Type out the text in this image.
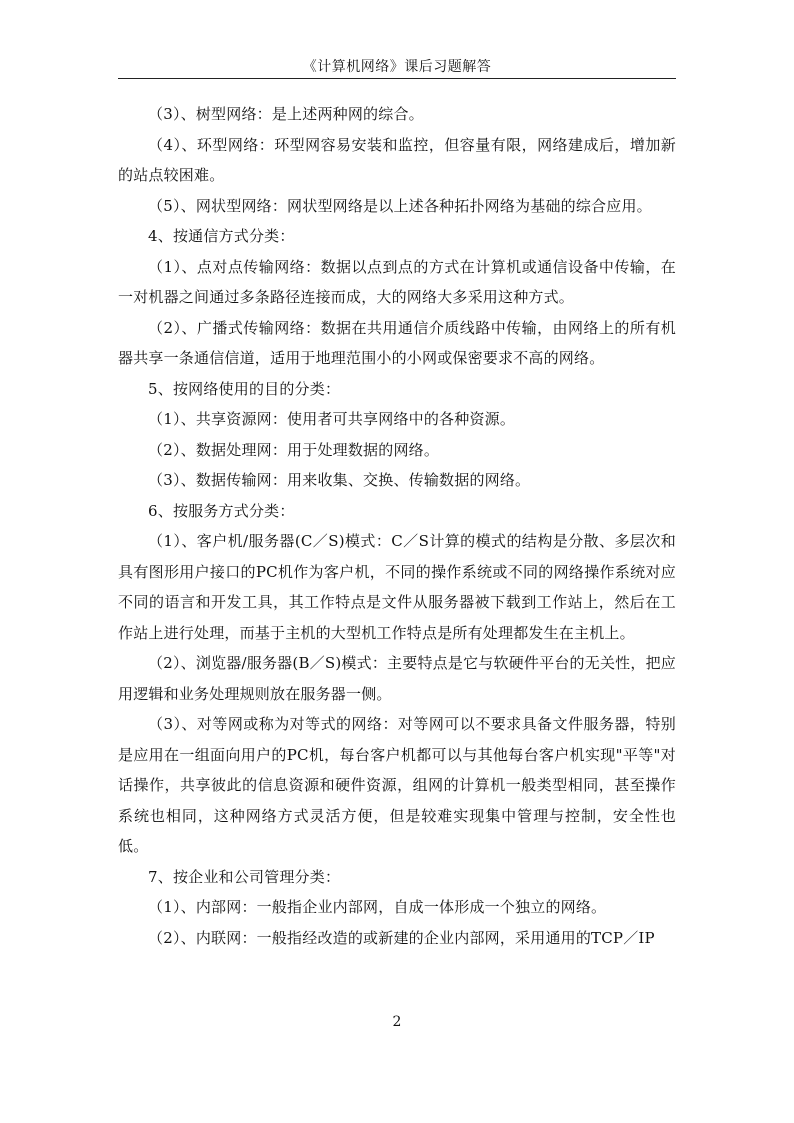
《计算机网络》课后习题解答

（3）、树型网络：是上述两种网的综合。

（4）、环型网络：环型网容易安装和监控，但容量有限，网络建成后，增加新的站点较困难。

（5）、网状型网络：网状型网络是以上述各种拓扑网络为基础的综合应用。

4、按通信方式分类：

（1）、点对点传输网络：数据以点到点的方式在计算机或通信设备中传输，在一对机器之间通过多条路径连接而成，大的网络大多采用这种方式。

（2）、广播式传输网络：数据在共用通信介质线路中传输，由网络上的所有机器共享一条通信信道，适用于地理范围小的小网或保密要求不高的网络。

5、按网络使用的目的分类：

（1）、共享资源网：使用者可共享网络中的各种资源。

（2）、数据处理网：用于处理数据的网络。

（3）、数据传输网：用来收集、交换、传输数据的网络。

6、按服务方式分类：

（1）、客户机/服务器(C／S)模式：C／S计算的模式的结构是分散、多层次和具有图形用户接口的PC机作为客户机，不同的操作系统或不同的网络操作系统对应不同的语言和开发工具，其工作特点是文件从服务器被下载到工作站上，然后在工作站上进行处理，而基于主机的大型机工作特点是所有处理都发生在主机上。

（2）、浏览器/服务器(B／S)模式：主要特点是它与软硬件平台的无关性，把应用逻辑和业务处理规则放在服务器一侧。

（3）、对等网或称为对等式的网络：对等网可以不要求具备文件服务器，特别是应用在一组面向用户的PC机，每台客户机都可以与其他每台客户机实现"平等"对话操作，共享彼此的信息资源和硬件资源，组网的计算机一般类型相同，甚至操作系统也相同，这种网络方式灵活方便，但是较难实现集中管理与控制，安全性也低。

7、按企业和公司管理分类：

（1）、内部网：一般指企业内部网，自成一体形成一个独立的网络。

（2）、内联网：一般指经改造的或新建的企业内部网，采用通用的TCP／IP

2
